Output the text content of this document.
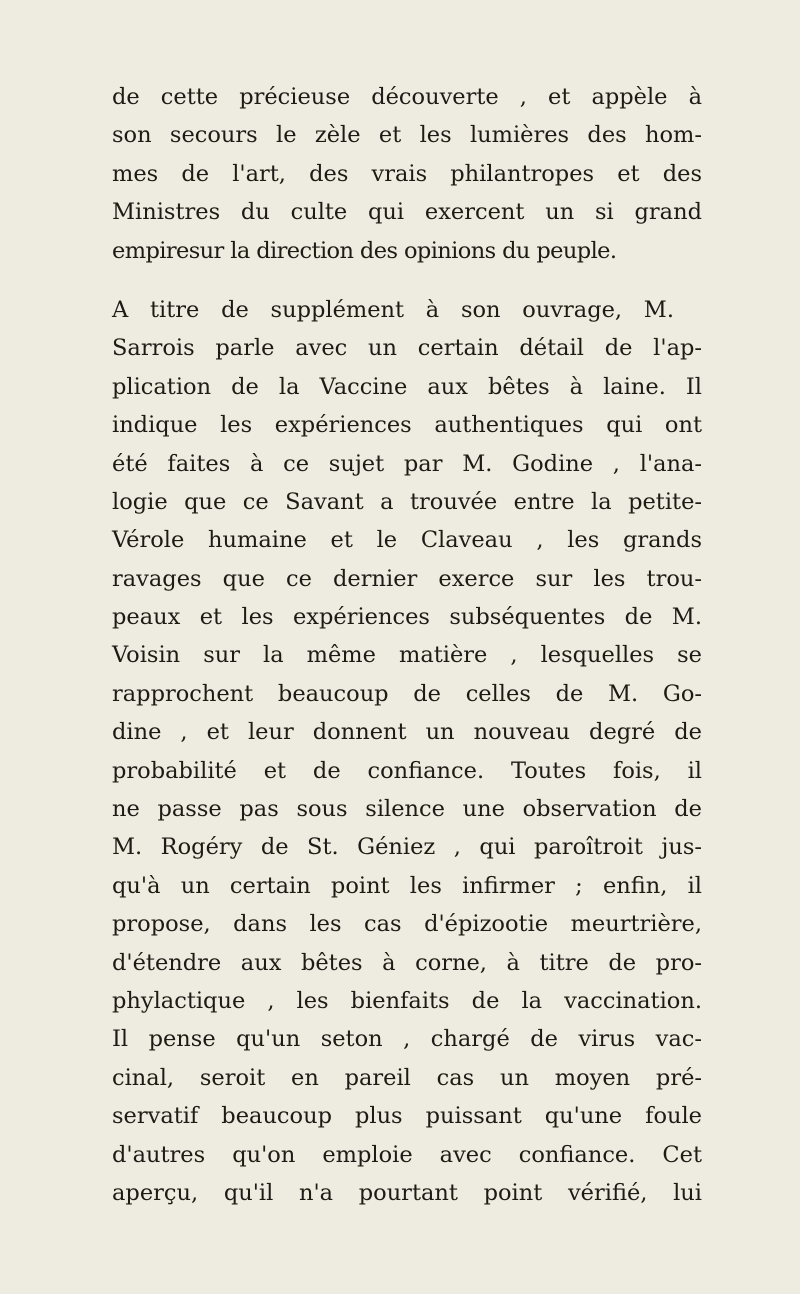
de cette précieuse découverte , et appèle à
son secours le zèle et les lumières des hom-
mes de l'art, des vrais philantropes et des
Ministres du culte qui exercent un si grand
empiresur la direction des opinions du peuple.
A titre de supplément à son ouvrage, M.
Sarrois parle avec un certain détail de l'ap-
plication de la Vaccine aux bêtes à laine. Il
indique les expériences authentiques qui ont
été faites à ce sujet par M. Godine , l'ana-
logie que ce Savant a trouvée entre la petite-
Vérole humaine et le Claveau , les grands
ravages que ce dernier exerce sur les trou-
peaux et les expériences subséquentes de M.
Voisin sur la même matière , lesquelles se
rapprochent beaucoup de celles de M. Go-
dine , et leur donnent un nouveau degré de
probabilité et de confiance. Toutes fois, il
ne passe pas sous silence une observation de
M. Rogéry de St. Géniez , qui paroîtroit jus-
qu'à un certain point les infirmer ; enfin, il
propose, dans les cas d'épizootie meurtrière,
d'étendre aux bêtes à corne, à titre de pro-
phylactique , les bienfaits de la vaccination.
Il pense qu'un seton , chargé de virus vac-
cinal, seroit en pareil cas un moyen pré-
servatif beaucoup plus puissant qu'une foule
d'autres qu'on emploie avec confiance. Cet
aperçu, qu'il n'a pourtant point vérifié, lui
